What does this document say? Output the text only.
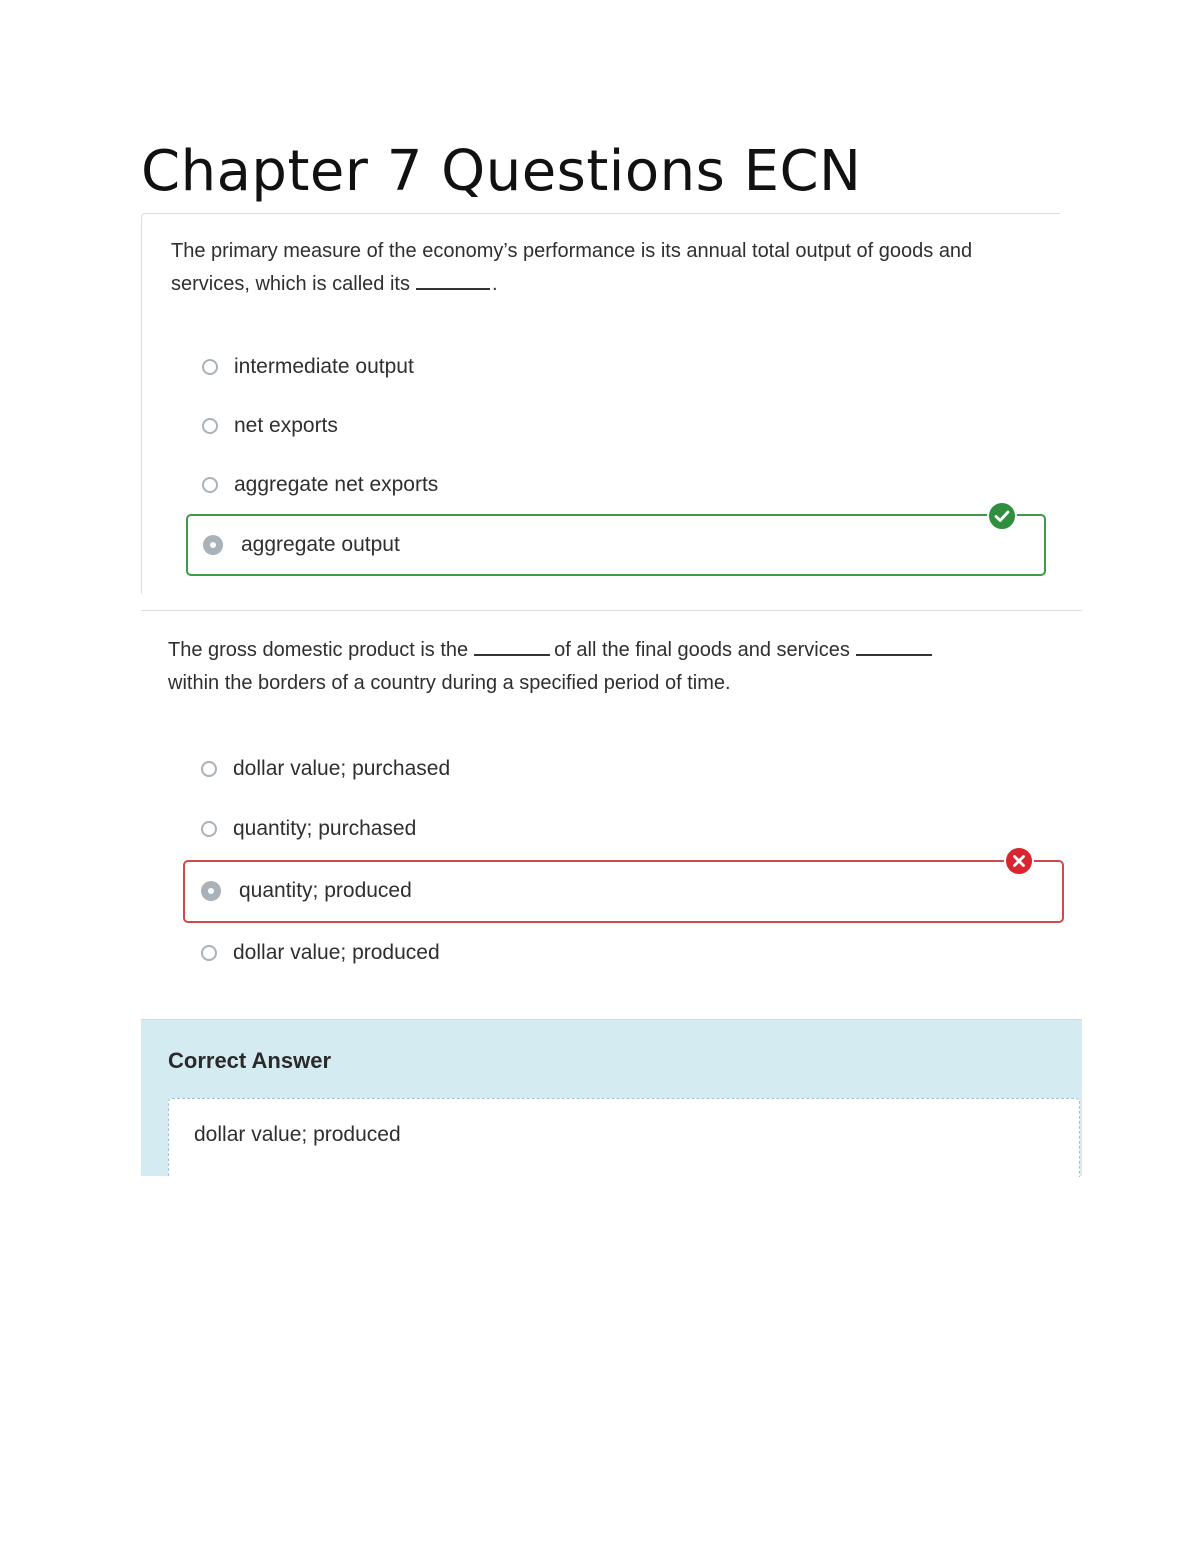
Chapter 7 Questions ECN
The primary measure of the economy’s performance is its annual total output of goods and services, which is called its	.
intermediate output
net exports
aggregate net exports
aggregate output
The gross domestic product is the	of all the final goods and services
within the borders of a country during a specified period of time.
dollar value; purchased
quantity; purchased
quantity; produced
dollar value; produced
Correct Answer
dollar value; produced
